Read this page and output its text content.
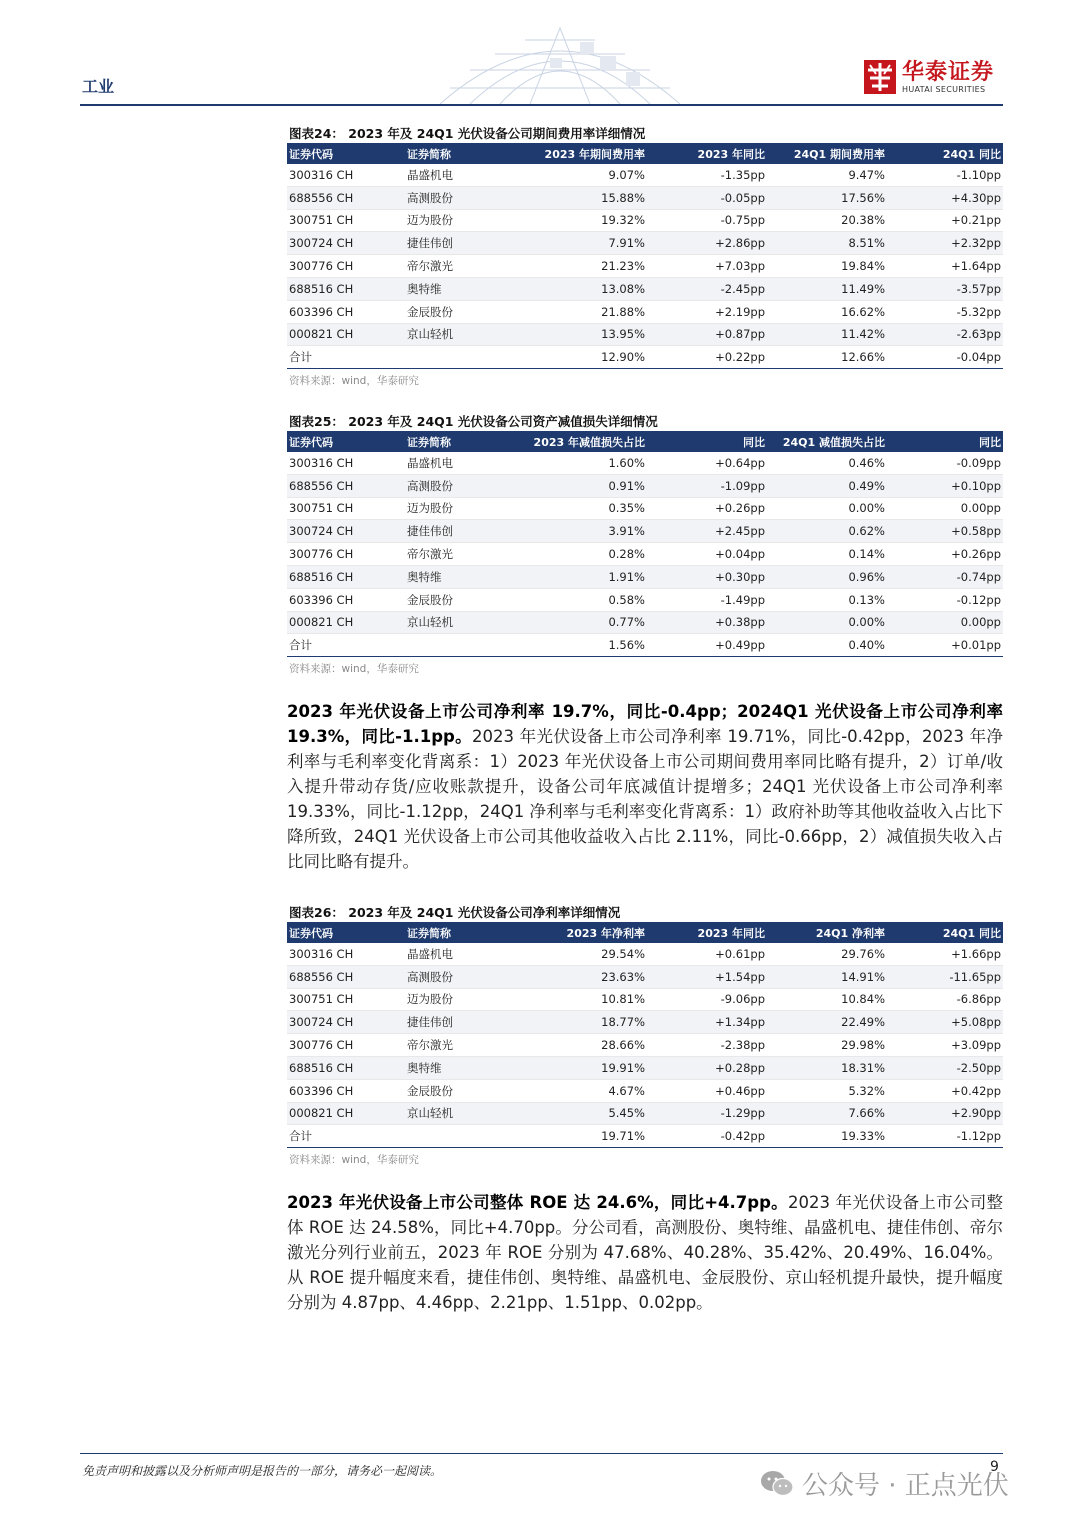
工业
华泰证券
HUATAI SECURITIES
图表24： 2023 年及 24Q1 光伏设备公司期间费用率详细情况
证券代码	证券简称	2023 年期间费用率	2023 年同比	24Q1 期间费用率	24Q1 同比
300316 CH	晶盛机电	9.07%	-1.35pp	9.47%	-1.10pp
688556 CH	高测股份	15.88%	-0.05pp	17.56%	+4.30pp
300751 CH	迈为股份	19.32%	-0.75pp	20.38%	+0.21pp
300724 CH	捷佳伟创	7.91%	+2.86pp	8.51%	+2.32pp
300776 CH	帝尔激光	21.23%	+7.03pp	19.84%	+1.64pp
688516 CH	奥特维	13.08%	-2.45pp	11.49%	-3.57pp
603396 CH	金辰股份	21.88%	+2.19pp	16.62%	-5.32pp
000821 CH	京山轻机	13.95%	+0.87pp	11.42%	-2.63pp
合计		12.90%	+0.22pp	12.66%	-0.04pp
资料来源：wind，华泰研究
图表25： 2023 年及 24Q1 光伏设备公司资产减值损失详细情况
证券代码	证券简称	2023 年减值损失占比	同比	24Q1 减值损失占比	同比
300316 CH	晶盛机电	1.60%	+0.64pp	0.46%	-0.09pp
688556 CH	高测股份	0.91%	-1.09pp	0.49%	+0.10pp
300751 CH	迈为股份	0.35%	+0.26pp	0.00%	0.00pp
300724 CH	捷佳伟创	3.91%	+2.45pp	0.62%	+0.58pp
300776 CH	帝尔激光	0.28%	+0.04pp	0.14%	+0.26pp
688516 CH	奥特维	1.91%	+0.30pp	0.96%	-0.74pp
603396 CH	金辰股份	0.58%	-1.49pp	0.13%	-0.12pp
000821 CH	京山轻机	0.77%	+0.38pp	0.00%	0.00pp
合计		1.56%	+0.49pp	0.40%	+0.01pp
资料来源：wind，华泰研究
2023 年光伏设备上市公司净利率 19.7%，同比-0.4pp；2024Q1 光伏设备上市公司净利率 19.3%，同比-1.1pp。2023 年光伏设备上市公司净利率 19.71%，同比-0.42pp，2023 年净利率与毛利率变化背离系：1）2023 年光伏设备上市公司期间费用率同比略有提升，2）订单/收入提升带动存货/应收账款提升，设备公司年底减值计提增多；24Q1 光伏设备上市公司净利率 19.33%，同比-1.12pp，24Q1 净利率与毛利率变化背离系：1）政府补助等其他收益收入占比下降所致，24Q1 光伏设备上市公司其他收益收入占比 2.11%，同比-0.66pp，2）减值损失收入占比同比略有提升。
图表26： 2023 年及 24Q1 光伏设备公司净利率详细情况
证券代码	证券简称	2023 年净利率	2023 年同比	24Q1 净利率	24Q1 同比
300316 CH	晶盛机电	29.54%	+0.61pp	29.76%	+1.66pp
688556 CH	高测股份	23.63%	+1.54pp	14.91%	-11.65pp
300751 CH	迈为股份	10.81%	-9.06pp	10.84%	-6.86pp
300724 CH	捷佳伟创	18.77%	+1.34pp	22.49%	+5.08pp
300776 CH	帝尔激光	28.66%	-2.38pp	29.98%	+3.09pp
688516 CH	奥特维	19.91%	+0.28pp	18.31%	-2.50pp
603396 CH	金辰股份	4.67%	+0.46pp	5.32%	+0.42pp
000821 CH	京山轻机	5.45%	-1.29pp	7.66%	+2.90pp
合计		19.71%	-0.42pp	19.33%	-1.12pp
资料来源：wind，华泰研究
2023 年光伏设备上市公司整体 ROE 达 24.6%，同比+4.7pp。2023 年光伏设备上市公司整体 ROE 达 24.58%，同比+4.70pp。分公司看，高测股份、奥特维、晶盛机电、捷佳伟创、帝尔激光分列行业前五，2023 年 ROE 分别为 47.68%、40.28%、35.42%、20.49%、16.04%。从 ROE 提升幅度来看，捷佳伟创、奥特维、晶盛机电、金辰股份、京山轻机提升最快，提升幅度分别为 4.87pp、4.46pp、2.21pp、1.51pp、0.02pp。
免责声明和披露以及分析师声明是报告的一部分，请务必一起阅读。	9
公众号 · 正点光伏
